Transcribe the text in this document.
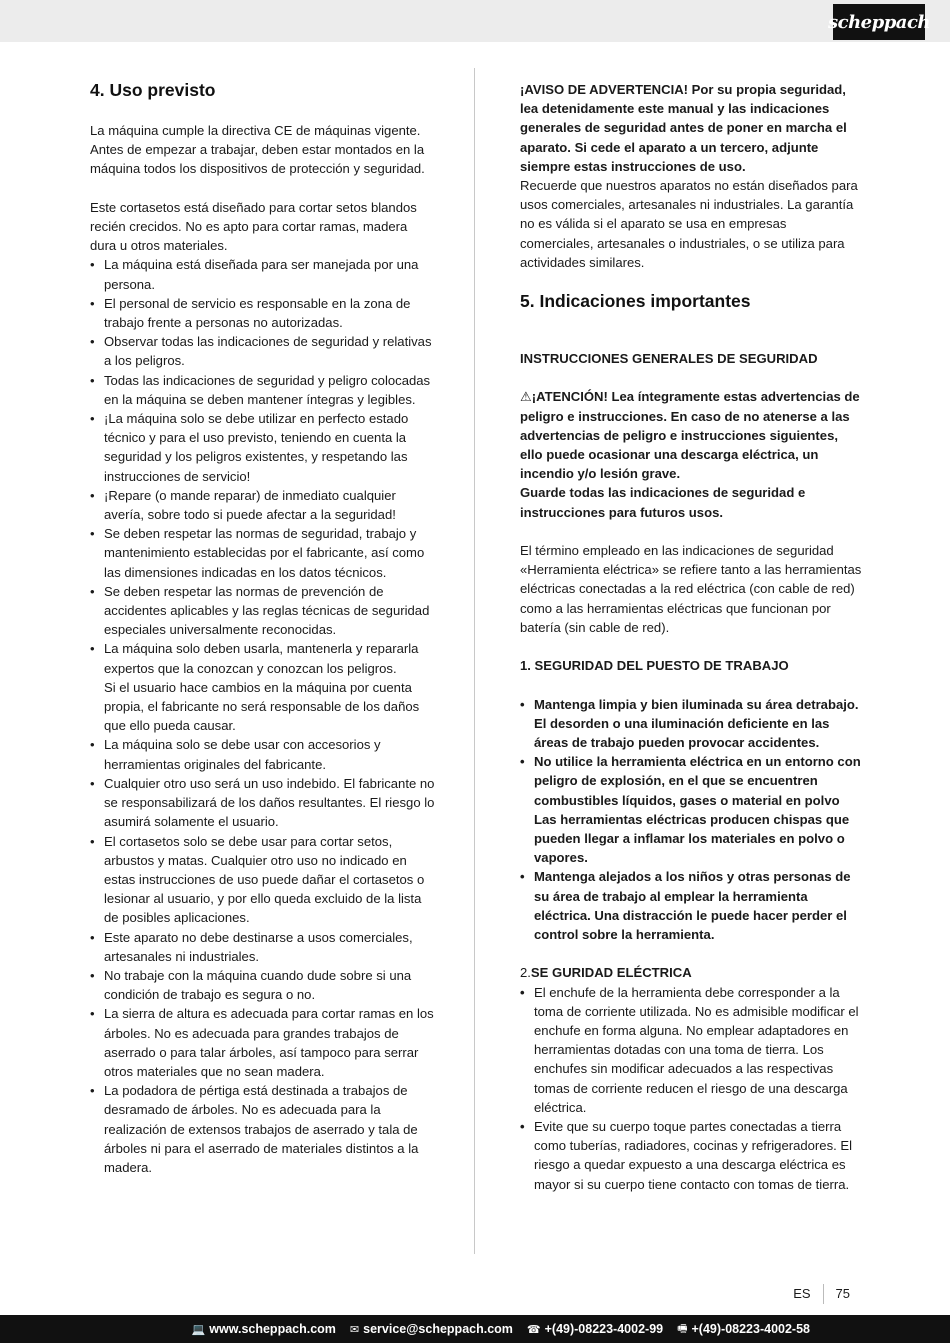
scheppach
4. Uso previsto

La máquina cumple la directiva CE de máquinas vigente.

Antes de empezar a trabajar, deben estar montados en la máquina todos los dispositivos de protección y seguridad.

Este cortasetos está diseñado para cortar setos blandos recién crecidos. No es apto para cortar ramas, madera dura u otros materiales.

• La máquina está diseñada para ser manejada por una persona.
• El personal de servicio es responsable en la zona de trabajo frente a personas no autorizadas.
• Observar todas las indicaciones de seguridad y relativas a los peligros.
• Todas las indicaciones de seguridad y peligro colocadas en la máquina se deben mantener íntegras y legibles.
• ¡La máquina solo se debe utilizar en perfecto estado técnico y para el uso previsto, teniendo en cuenta la seguridad y los peligros existentes, y respetando las instrucciones de servicio!
• ¡Repare (o mande reparar) de inmediato cualquier avería, sobre todo si puede afectar a la seguridad!
• Se deben respetar las normas de seguridad, trabajo y mantenimiento establecidas por el fabricante, así como las dimensiones indicadas en los datos técnicos.
• Se deben respetar las normas de prevención de accidentes aplicables y las reglas técnicas de seguridad especiales universalmente reconocidas.
• La máquina solo deben usarla, mantenerla y repararla expertos que la conozcan y conozcan los peligros.
Si el usuario hace cambios en la máquina por cuenta propia, el fabricante no será responsable de los daños que ello pueda causar.
• La máquina solo se debe usar con accesorios y herramientas originales del fabricante.
• Cualquier otro uso será un uso indebido. El fabricante no se responsabilizará de los daños resultantes. El riesgo lo asumirá solamente el usuario.
• El cortasetos solo se debe usar para cortar setos, arbustos y matas. Cualquier otro uso no indicado en estas instrucciones de uso puede dañar el cortasetos o lesionar al usuario, y por ello queda excluido de la lista de posibles aplicaciones.
• Este aparato no debe destinarse a usos comerciales, artesanales ni industriales.
• No trabaje con la máquina cuando dude sobre si una condición de trabajo es segura o no.
• La sierra de altura es adecuada para cortar ramas en los árboles. No es adecuada para grandes trabajos de aserrado o para talar árboles, así tampoco para serrar otros materiales que no sean madera.
• La podadora de pértiga está destinada a trabajos de desramado de árboles. No es adecuada para la realización de extensos trabajos de aserrado y tala de árboles ni para el aserrado de materiales distintos a la madera.

¡AVISO DE ADVERTENCIA! Por su propia seguridad, lea detenidamente este manual y las indicaciones generales de seguridad antes de poner en marcha el aparato. Si cede el aparato a un tercero, adjunte siempre estas instrucciones de uso.

Recuerde que nuestros aparatos no están diseñados para usos comerciales, artesanales ni industriales. La garantía no es válida si el aparato se usa en empresas comerciales, artesanales o industriales, o se utiliza para actividades similares.

5. Indicaciones importantes

INSTRUCCIONES GENERALES DE SEGURIDAD

⚠¡ATENCIÓN! Lea íntegramente estas advertencias de peligro e instrucciones. En caso de no atenerse a las advertencias de peligro e instrucciones siguientes, ello puede ocasionar una descarga eléctrica, un incendio y/o lesión grave.

Guarde todas las indicaciones de seguridad e instrucciones para futuros usos.

El término empleado en las indicaciones de seguridad «Herramienta eléctrica» se refiere tanto a las herramientas eléctricas conectadas a la red eléctrica (con cable de red) como a las herramientas eléctricas que funcionan por batería (sin cable de red).

1. SEGURIDAD DEL PUESTO DE TRABAJO

• Mantenga limpia y bien iluminada su área detrabajo. El desorden o una iluminación deficiente en las áreas de trabajo pueden provocar accidentes.
• No utilice la herramienta eléctrica en un entorno con peligro de explosión, en el que se encuentren combustibles líquidos, gases o material en polvo Las herramientas eléctricas producen chispas que pueden llegar a inflamar los materiales en polvo o vapores.
• Mantenga alejados a los niños y otras personas de su área de trabajo al emplear la herramienta eléctrica. Una distracción le puede hacer perder el control sobre la herramienta.

2.SE GURIDAD ELÉCTRICA

• El enchufe de la herramienta debe corresponder a la toma de corriente utilizada. No es admisible modificar el enchufe en forma alguna. No emplear adaptadores en herramientas dotadas con una toma de tierra. Los enchufes sin modificar adecuados a las respectivas tomas de corriente reducen el riesgo de una descarga eléctrica.
• Evite que su cuerpo toque partes conectadas a tierra como tuberías, radiadores, cocinas y refrigeradores. El riesgo a quedar expuesto a una descarga eléctrica es mayor si su cuerpo tiene contacto con tomas de tierra.
ES	75
💻 www.scheppach.com ✉ service@scheppach.com ☎ +(49)-08223-4002-99 🖷 +(49)-08223-4002-58
